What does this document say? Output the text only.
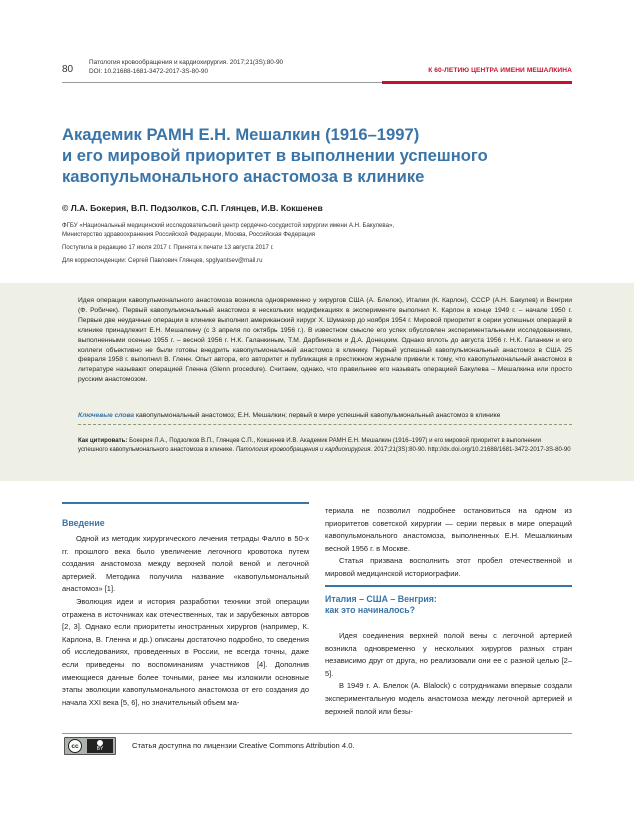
80
Патология кровообращения и кардиохирургия. 2017;21(3S):80-90
DOI: 10.21688-1681-3472-2017-3S-80-90	К 60-ЛЕТИЮ ЦЕНТРА ИМЕНИ МЕШАЛКИНА
Академик РАМН Е.Н. Мешалкин (1916–1997)
и его мировой приоритет в выполнении успешного
кавопульмонального анастомоза в клинике
© Л.А. Бокерия, В.П. Подзолков, С.П. Глянцев, И.В. Кокшенев
ФГБУ «Национальный медицинский исследовательский центр сердечно-сосудистой хирургии имени А.Н. Бакулева»,
Министерство здравоохранения Российской Федерации, Москва, Российская Федерация
Поступила в редакцию 17 июля 2017 г. Принята к печати 13 августа 2017 г.
Для корреспонденции: Сергей Павлович Глянцев, spglyantsev@mail.ru
Идея операции кавопульмонального анастомоза возникла одновременно у хирургов США (А. Блелок), Италии (К. Карлон), СССР (А.Н. Бакулев) и Венгрии (Ф. Робичек). Первый кавопульмональный анастомоз в нескольких модификациях в эксперименте выполнил К. Карлон в конце 1949 г. – начале 1950 г. Первые две неудачные операции в клинике выполнил американский хирург Х. Шумахер до ноября 1954 г. Мировой приоритет в серии успешных операций в клинике принадлежит Е.Н. Мешалкину (с 3 апреля по октябрь 1956 г.). В известном смысле его успех обусловлен экспериментальными исследованиями, выполненными осенью 1955 г. – весной 1956 г. Н.К. Галанкиным, Т.М. Дарбиняном и Д.А. Донецким. Однако вплоть до августа 1956 г. Н.К. Галанкин и его коллеги объективно не были готовы внедрить кавопульмональный анастомоз в клинику. Первый успешный кавопульмональный анастомоз в США 25 февраля 1958 г. выполнил В. Гленн. Опыт автора, его авторитет и публикация в престижном журнале привели к тому, что кавопульмональный анастомоз в литературе называют операцией Гленна (Glenn procedure). Считаем, однако, что правильнее его называть операцией Бакулева – Мешалкина или просто русским анастомозом.
Ключевые слова кавопульмональный анастомоз; Е.Н. Мешалкин; первый в мире успешный кавопульмональный анастомоз в клинике
Как цитировать: Бокерия Л.А., Подзолков В.П., Глянцев С.П., Кокшенев И.В. Академик РАМН Е.Н. Мешалкин (1916–1997) и его мировой приоритет в выполнении успешного кавопульмонального анастомоза в клинике. Патология кровообращения и кардиохирургия. 2017;21(3S):80-90. http://dx.doi.org/10.21688/1681-3472-2017-3S-80-90
Введение

Одной из методик хирургического лечения тетрады Фалло в 50-х гг. прошлого века было увеличение легочного кровотока путем создания анастомоза между верхней полой веной и легочной артерией. Методика получила название «кавопульмональный анастомоз» [1].

Эволюция идеи и история разработки техники этой операции отражена в источниках как отечественных, так и зарубежных авторов [2, 3]. Однако если приоритеты иностранных хирургов (например, К. Карлона, В. Гленна и др.) описаны достаточно подробно, то сведения об исследованиях, проведенных в России, не всегда точны, даже если приведены по воспоминаниям участников [4]. Дополнив имеющиеся данные более точными, ранее мы изложили основные этапы эволюции кавопульмонального анастомоза от его создания до начала XXI века [5, 6], но значительный объем ма-

териала не позволил подробнее остановиться на одном из приоритетов советской хирургии — серии первых в мире операций кавопульмонального анастомоза, выполненных Е.Н. Мешалкиным весной 1956 г. в Москве.

Статья призвана восполнить этот пробел отечественной и мировой медицинской историографии.

Италия – США – Венгрия:
как это начиналось?

Идея соединения верхней полой вены с легочной артерией возникла одновременно у нескольких хирургов разных стран независимо друг от друга, но реализовали они ее с разной целью [2–5].

В 1949 г. А. Блелок (A. Blalock) с сотрудниками впервые создали экспериментальную модель анастомоза между легочной артерией и верхней полой или безы-

cc	BY	Статья доступна по лицензии Creative Commons Attribution 4.0.
